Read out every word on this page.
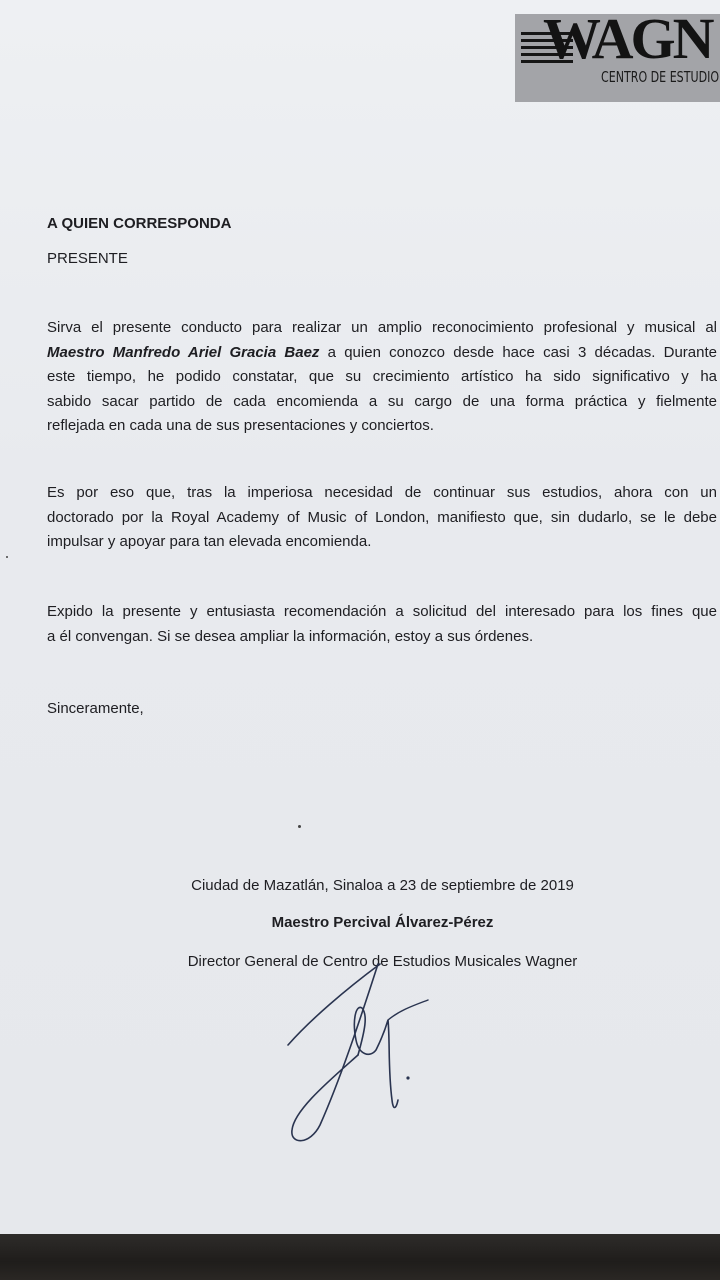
WAGN
CENTRO DE ESTUDIO
A QUIEN CORRESPONDA
PRESENTE
Sirva el presente conducto para realizar un amplio reconocimiento profesional y musical al
Maestro Manfredo Ariel Gracia Baez a quien conozco desde hace casi 3 décadas. Durante
este tiempo, he podido constatar, que su crecimiento artístico ha sido significativo y ha
sabido sacar partido de cada encomienda a su cargo de una forma práctica y fielmente
reflejada en cada una de sus presentaciones y conciertos.
Es por eso que, tras la imperiosa necesidad de continuar sus estudios, ahora con un
doctorado por la Royal Academy of Music of London, manifiesto que, sin dudarlo, se le debe
impulsar y apoyar para tan elevada encomienda.
Expido la presente y entusiasta recomendación a solicitud del interesado para los fines que
a él convengan. Si se desea ampliar la información, estoy a sus órdenes.
Sinceramente,
Ciudad de Mazatlán, Sinaloa a 23 de septiembre de 2019
Maestro Percival Álvarez-Pérez
Director General de Centro de Estudios Musicales Wagner
